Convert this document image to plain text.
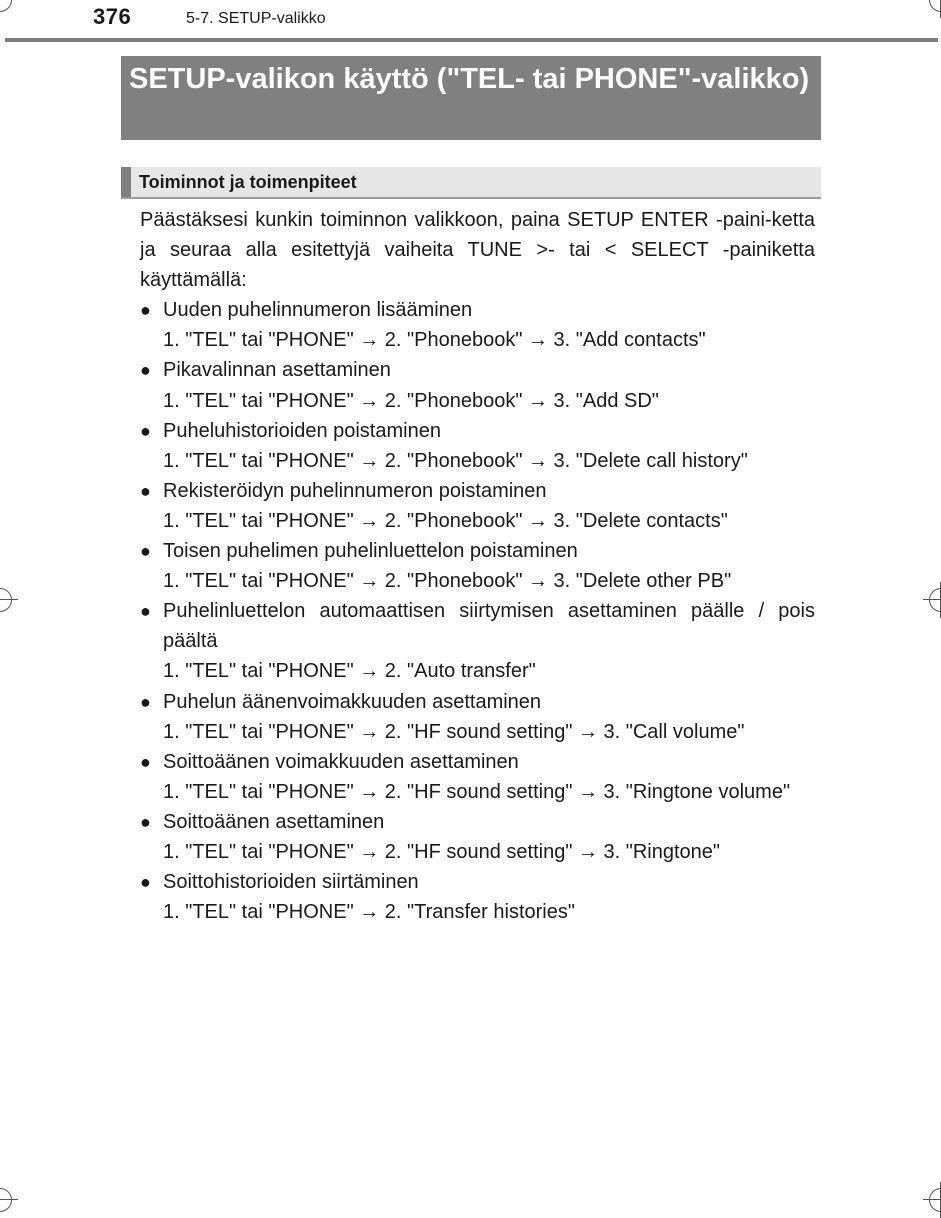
376	5-7. SETUP-valikko
SETUP-valikon käyttö ("TEL- tai PHONE"-valikko)
Toiminnot ja toimenpiteet
Päästäksesi kunkin toiminnon valikkoon, paina SETUP ENTER -paini-ketta ja seuraa alla esitettyjä vaiheita TUNE >- tai < SELECT -painiketta käyttämällä:
● Uuden puhelinnumeron lisääminen
1. "TEL" tai "PHONE" → 2. "Phonebook" → 3. "Add contacts"
● Pikavalinnan asettaminen
1. "TEL" tai "PHONE" → 2. "Phonebook" → 3. "Add SD"
● Puheluhistorioiden poistaminen
1. "TEL" tai "PHONE" → 2. "Phonebook" → 3. "Delete call history"
● Rekisteröidyn puhelinnumeron poistaminen
1. "TEL" tai "PHONE" → 2. "Phonebook" → 3. "Delete contacts"
● Toisen puhelimen puhelinluettelon poistaminen
1. "TEL" tai "PHONE" → 2. "Phonebook" → 3. "Delete other PB"
● Puhelinluettelon automaattisen siirtymisen asettaminen päälle / pois päältä
1. "TEL" tai "PHONE" → 2. "Auto transfer"
● Puhelun äänenvoimakkuuden asettaminen
1. "TEL" tai "PHONE" → 2. "HF sound setting" → 3. "Call volume"
● Soittoäänen voimakkuuden asettaminen
1. "TEL" tai "PHONE" → 2. "HF sound setting" → 3. "Ringtone volume"
● Soittoäänen asettaminen
1. "TEL" tai "PHONE" → 2. "HF sound setting" → 3. "Ringtone"
● Soittohistorioiden siirtäminen
1. "TEL" tai "PHONE" → 2. "Transfer histories"
